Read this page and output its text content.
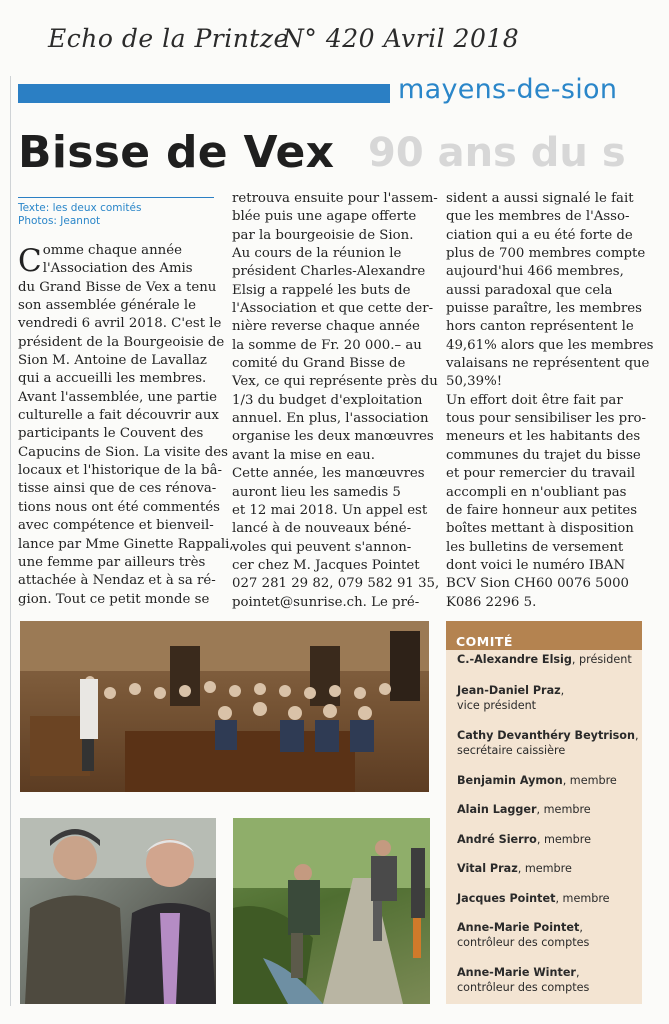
Echo de la Printze
N° 420 Avril 2018
mayens-de-sion
90 ans du s
Bisse de Vex
Texte: les deux comités
Photos: Jeannot
Comme chaque année
l'Association des Amis
du Grand Bisse de Vex a tenu
son assemblée générale le
vendredi 6 avril 2018. C'est le
président de la Bourgeoisie de
Sion M. Antoine de Lavallaz
qui a accueilli les membres.
Avant l'assemblée, une partie
culturelle a fait découvrir aux
participants le Couvent des
Capucins de Sion. La visite des
locaux et l'historique de la bâ-
tisse ainsi que de ces rénova-
tions nous ont été commentés
avec compétence et bienveil-
lance par Mme Ginette Rappali,
une femme par ailleurs très
attachée à Nendaz et à sa ré-
gion. Tout ce petit monde se
retrouva ensuite pour l'assem-
blée puis une agape offerte
par la bourgeoisie de Sion.
Au cours de la réunion le
président Charles-Alexandre
Elsig a rappelé les buts de
l'Association et que cette der-
nière reverse chaque année
la somme de Fr. 20 000.– au
comité du Grand Bisse de
Vex, ce qui représente près du
1/3 du budget d'exploitation
annuel. En plus, l'association
organise les deux manœuvres
avant la mise en eau.
Cette année, les manœuvres
auront lieu les samedis 5
et 12 mai 2018. Un appel est
lancé à de nouveaux béné-
voles qui peuvent s'annon-
cer chez M. Jacques Pointet
027 281 29 82, 079 582 91 35,
pointet@sunrise.ch. Le pré-
sident a aussi signalé le fait
que les membres de l'Asso-
ciation qui a eu été forte de
plus de 700 membres compte
aujourd'hui 466 membres,
aussi paradoxal que cela
puisse paraître, les membres
hors canton représentent le
49,61% alors que les membres
valaisans ne représentent que
50,39%!
Un effort doit être fait par
tous pour sensibiliser les pro-
meneurs et les habitants des
communes du trajet du bisse
et pour remercier du travail
accompli en n'oubliant pas
de faire honneur aux petites
boîtes mettant à disposition
les bulletins de versement
dont voici le numéro IBAN
BCV Sion CH60 0076 5000
K086 2296 5.
COMITÉ
C.-Alexandre Elsig, président
Jean-Daniel Praz,
vice président
Cathy Devanthéry Beytrison,
secrétaire caissière
Benjamin Aymon, membre
Alain Lagger, membre
André Sierro, membre
Vital Praz, membre
Jacques Pointet, membre
Anne-Marie Pointet,
contrôleur des comptes
Anne-Marie Winter,
contrôleur des comptes
